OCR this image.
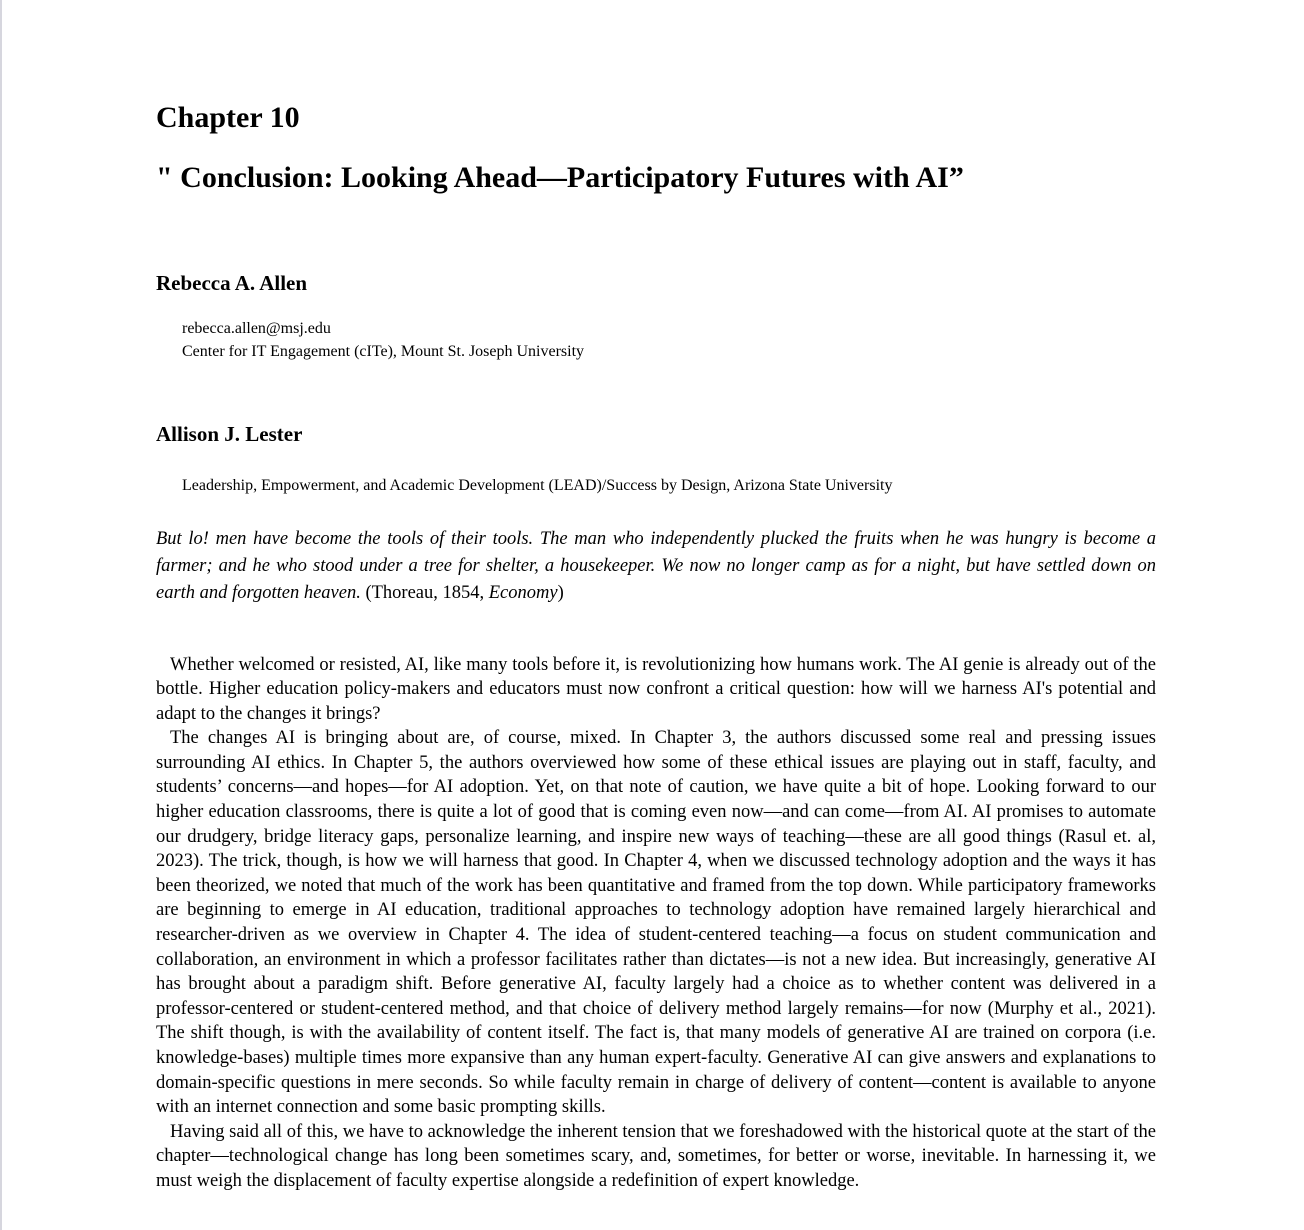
Chapter 10
" Conclusion: Looking Ahead—Participatory Futures with AI”
Rebecca A. Allen
rebecca.allen@msj.edu
Center for IT Engagement (cITe), Mount St. Joseph University
Allison J. Lester
Leadership, Empowerment, and Academic Development (LEAD)/Success by Design, Arizona State University

But lo! men have become the tools of their tools. The man who independently plucked the fruits when he was hungry is become a farmer; and he who stood under a tree for shelter, a housekeeper. We now no longer camp as for a night, but have settled down on earth and forgotten heaven. (Thoreau, 1854, Economy)

Whether welcomed or resisted, AI, like many tools before it, is revolutionizing how humans work. The AI genie is already out of the bottle. Higher education policy-makers and educators must now confront a critical question: how will we harness AI's potential and adapt to the changes it brings?

The changes AI is bringing about are, of course, mixed. In Chapter 3, the authors discussed some real and pressing issues surrounding AI ethics. In Chapter 5, the authors overviewed how some of these ethical issues are playing out in staff, faculty, and students’ concerns—and hopes—for AI adoption. Yet, on that note of caution, we have quite a bit of hope. Looking forward to our higher education classrooms, there is quite a lot of good that is coming even now—and can come—from AI. AI promises to automate our drudgery, bridge literacy gaps, personalize learning, and inspire new ways of teaching—these are all good things (Rasul et. al, 2023). The trick, though, is how we will harness that good. In Chapter 4, when we discussed technology adoption and the ways it has been theorized, we noted that much of the work has been quantitative and framed from the top down. While participatory frameworks are beginning to emerge in AI education, traditional approaches to technology adoption have remained largely hierarchical and researcher-driven as we overview in Chapter 4. The idea of student-centered teaching—a focus on student communication and collaboration, an environment in which a professor facilitates rather than dictates—is not a new idea. But increasingly, generative AI has brought about a paradigm shift. Before generative AI, faculty largely had a choice as to whether content was delivered in a professor-centered or student-centered method, and that choice of delivery method largely remains—for now (Murphy et al., 2021). The shift though, is with the availability of content itself. The fact is, that many models of generative AI are trained on corpora (i.e. knowledge-bases) multiple times more expansive than any human expert-faculty. Generative AI can give answers and explanations to domain-specific questions in mere seconds. So while faculty remain in charge of delivery of content—content is available to anyone with an internet connection and some basic prompting skills.

Having said all of this, we have to acknowledge the inherent tension that we foreshadowed with the historical quote at the start of the chapter—technological change has long been sometimes scary, and, sometimes, for better or worse, inevitable. In harnessing it, we must weigh the displacement of faculty expertise alongside a redefinition of expert knowledge.
